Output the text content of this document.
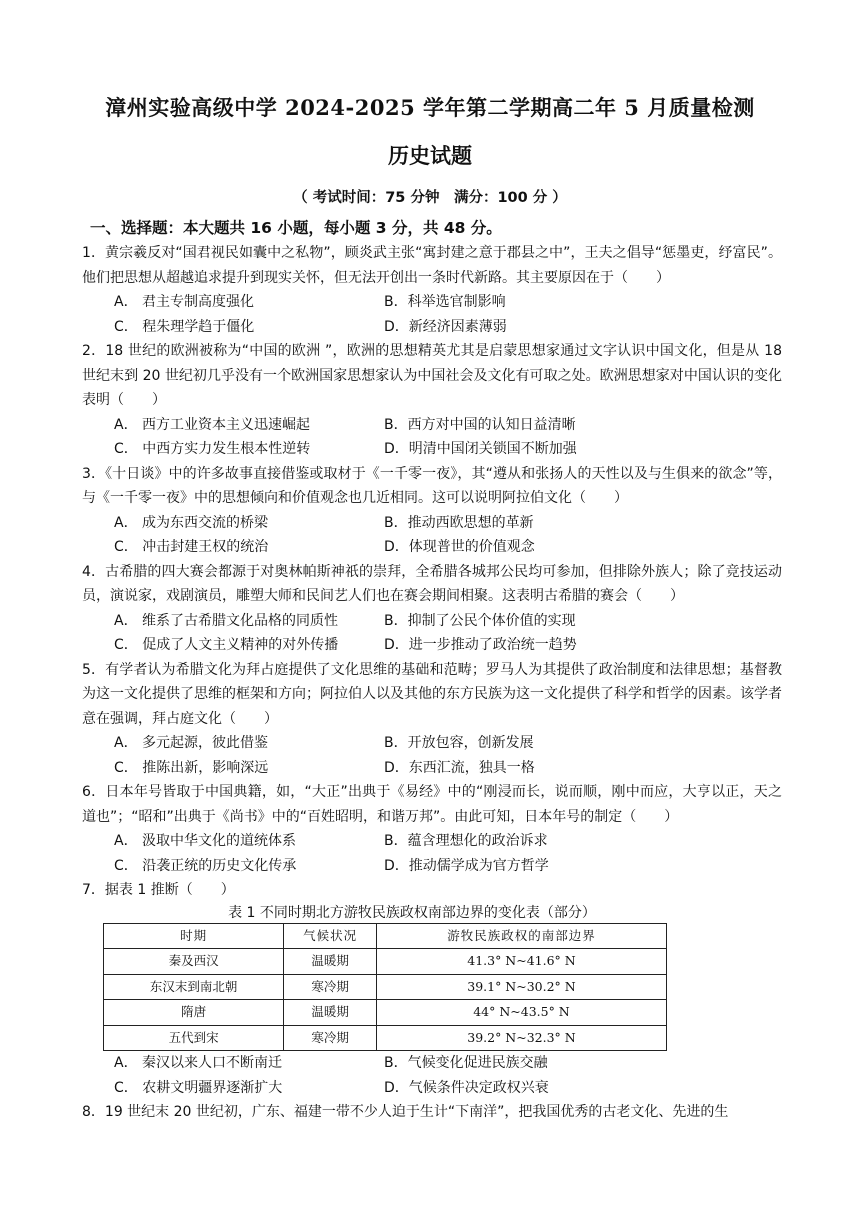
漳州实验高级中学 2024-2025 学年第二学期高二年 5 月质量检测
历史试题
（ 考试时间：75 分钟　满分：100 分 ）
一、选择题：本大题共 16 小题，每小题 3 分，共 48 分。
1．黄宗羲反对“国君视民如囊中之私物”，顾炎武主张“寓封建之意于郡县之中”，王夫之倡导“惩墨吏，纾富民”。他们把思想从超越追求提升到现实关怀，但无法开创出一条时代新路。其主要原因在于（　　）
A． 君主专制高度强化	B．科举选官制影响
C． 程朱理学趋于僵化	D．新经济因素薄弱
2．18 世纪的欧洲被称为“中国的欧洲 ”，欧洲的思想精英尤其是启蒙思想家通过文字认识中国文化，但是从 18 世纪末到 20 世纪初几乎没有一个欧洲国家思想家认为中国社会及文化有可取之处。欧洲思想家对中国认识的变化表明（　　）
A． 西方工业资本主义迅速崛起	B．西方对中国的认知日益清晰
C． 中西方实力发生根本性逆转	D．明清中国闭关锁国不断加强
3．《十日谈》中的许多故事直接借鉴或取材于《一千零一夜》，其“遵从和张扬人的天性以及与生俱来的欲念”等，与《一千零一夜》中的思想倾向和价值观念也几近相同。这可以说明阿拉伯文化（　　）
A． 成为东西交流的桥梁	B．推动西欧思想的革新
C． 冲击封建王权的统治	D．体现普世的价值观念
4．古希腊的四大赛会都源于对奥林帕斯神祇的崇拜，全希腊各城邦公民均可参加，但排除外族人；除了竞技运动员，演说家，戏剧演员，雕塑大师和民间艺人们也在赛会期间相聚。这表明古希腊的赛会（　　）
A． 维系了古希腊文化品格的同质性	B．抑制了公民个体价值的实现
C． 促成了人文主义精神的对外传播	D．进一步推动了政治统一趋势
5．有学者认为希腊文化为拜占庭提供了文化思维的基础和范畴；罗马人为其提供了政治制度和法律思想；基督教为这一文化提供了思维的框架和方向；阿拉伯人以及其他的东方民族为这一文化提供了科学和哲学的因素。该学者意在强调，拜占庭文化（　　）
A． 多元起源，彼此借鉴	B．开放包容，创新发展
C． 推陈出新，影响深远	D．东西汇流，独具一格
6．日本年号皆取于中国典籍，如，“大正”出典于《易经》中的“刚浸而长，说而顺，刚中而应，大亨以正，天之道也”；“昭和”出典于《尚书》中的“百姓昭明，和谐万邦”。由此可知，日本年号的制定（　　）
A． 汲取中华文化的道统体系	B．蕴含理想化的政治诉求
C． 沿袭正统的历史文化传承	D．推动儒学成为官方哲学
7．据表 1 推断（　　）
表 1 不同时期北方游牧民族政权南部边界的变化表（部分）
时期	气候状况	游牧民族政权的南部边界
秦及西汉	温暖期	41.3° N~41.6° N
东汉末到南北朝	寒冷期	39.1° N~30.2° N
隋唐	温暖期	44° N~43.5° N
五代到宋	寒冷期	39.2° N~32.3° N
A． 秦汉以来人口不断南迁	B．气候变化促进民族交融
C． 农耕文明疆界逐渐扩大	D．气候条件决定政权兴衰
8．19 世纪末 20 世纪初，广东、福建一带不少人迫于生计“下南洋”，把我国优秀的古老文化、先进的生
